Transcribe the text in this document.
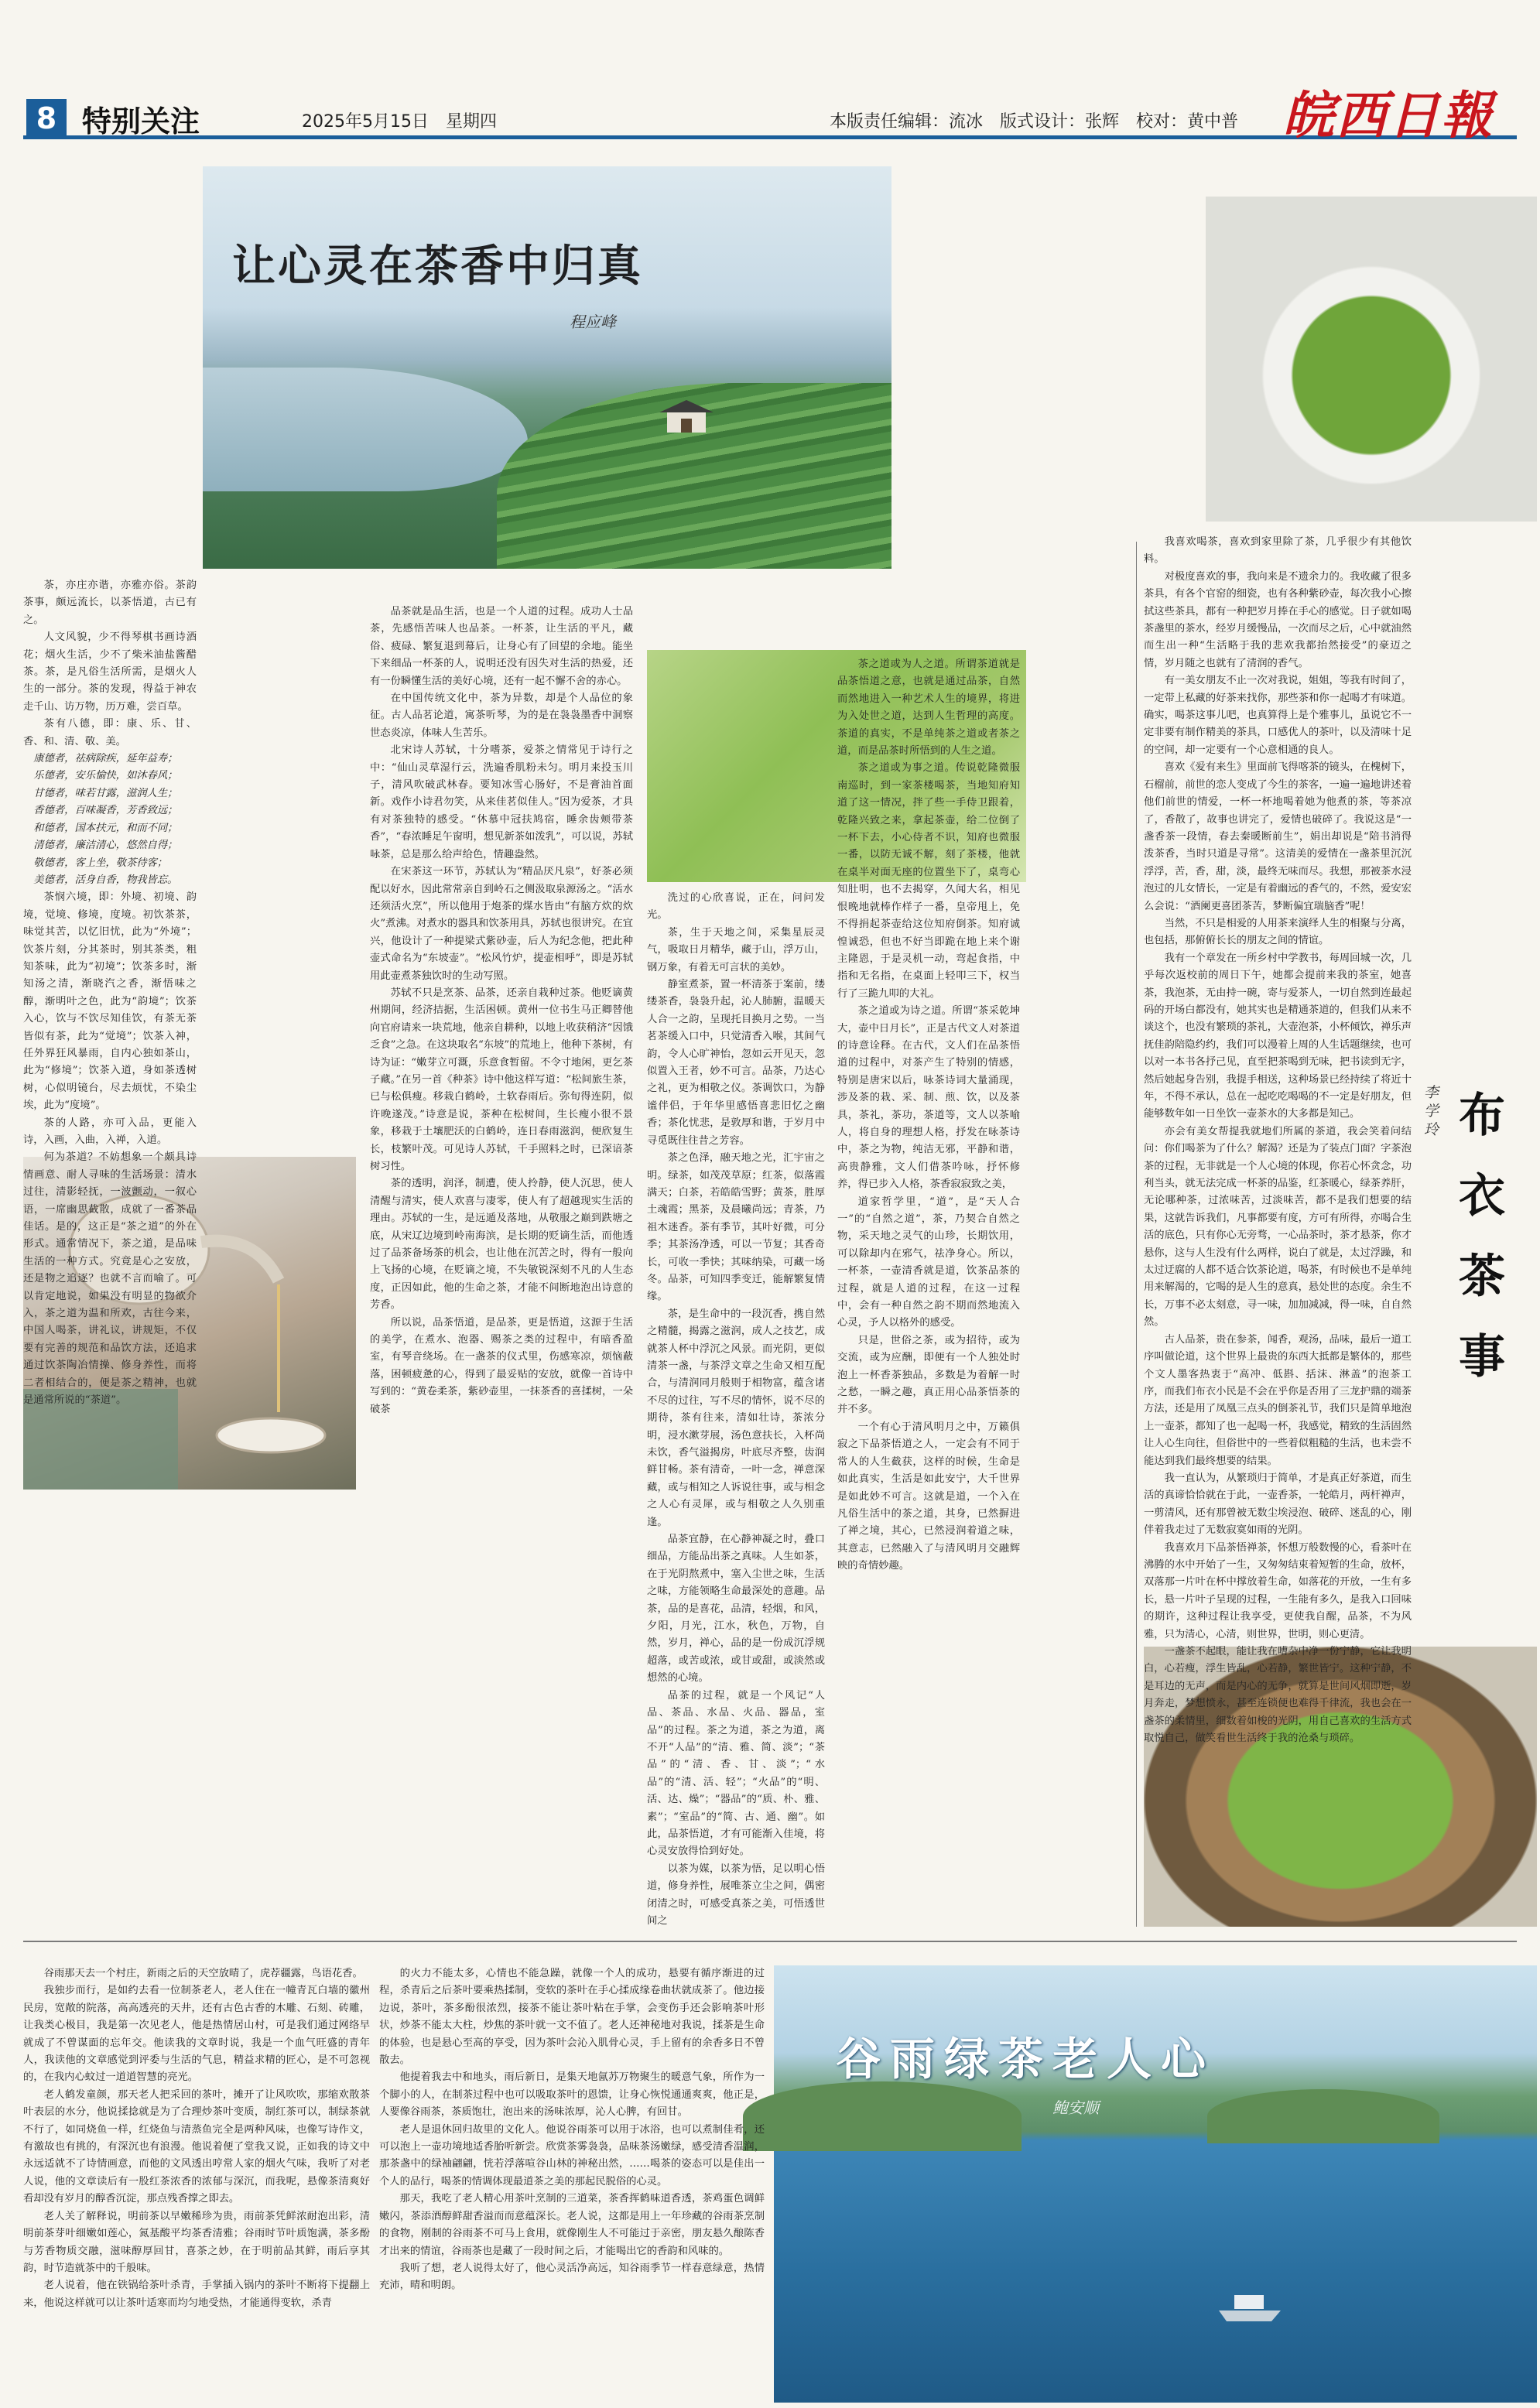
8 特别关注	2025年5月15日　星期四	本版责任编辑：流冰　版式设计：张辉　校对：黄中普 皖西日報
让心灵在茶香中归真
程应峰
谷雨绿茶老人心
鲍安顺
布衣茶事
李学玲

茶，亦庄亦谐，亦雅亦俗。茶韵茶事，颇远流长，以茶悟道，古已有之。

人文风貌，少不得琴棋书画诗酒花；烟火生活，少不了柴米油盐酱醋茶。茶，是凡俗生活所需，是烟火人生的一部分。茶的发现，得益于神农走千山、访万物，历万难，尝百草。

茶有八德，即：康、乐、甘、香、和、清、敬、美。

康德者，祛病除疾，延年益寿；

乐德者，安乐愉快，如沐春风；

甘德者，味若甘露，滋润人生；

香德者，百味凝香，芳香致远；

和德者，国本扶元，和而不同；

清德者，廉洁清心，悠然自得；

敬德者，客上坐，敬茶待客；

美德者，活身自香，物我皆忘。

茶悯六境，即：外境、初境、韵境，觉境、修境，度境。初饮茶茶，味觉其苦，以忆旧忧，此为“外境”；饮茶片刻，分其茶时，别其茶类，粗知茶味，此为“初境”；饮茶多时，渐知汤之清，渐晓汽之香，渐悟味之醇，渐明叶之色，此为“韵境”；饮茶入心，饮与不饮尽知佳饮，有茶无茶皆似有茶，此为“觉境”；饮茶入神，任外界狂风暴雨，自内心独如茶山，此为“修境”；饮茶入道，身如茶透树树，心似明镜台，尽去烦忧，不染尘埃，此为“度境”。

茶的人路，亦可入品，更能入诗，入画，入曲，入禅，入道。

何为茶道？不妨想象一个颇具诗情画意、耐人寻味的生活场景：清水过往，清影轻抚，一波颤动，一叙心语，一席幽思截散，成就了一番茶品佳话。是的，这正是“茶之道”的外在形式。通常情况下，茶之道，是品味生活的一种方式。究竟是心之安放，还是物之追逐？也就不言而喻了。可以肯定地说，如果没有明显的物欲介入，茶之道为温和所欢，古往今来，中国人喝茶，讲礼议，讲规矩，不仅要有完善的规范和品饮方法，还追求通过饮茶陶冶情操、修身养性，而将二者相结合的，便是茶之精神，也就是通常所说的“茶道”。

品茶就是品生活，也是一个人道的过程。成功人士品茶，先感悟苦味人也品茶。一杯茶，让生活的平凡，藏俗、疲碌、繁复退到幕后，让身心有了回望的余地。能坐下来细品一杯茶的人，说明还没有因失对生活的热爱，还有一份瞬懂生活的美好心境，还有一起不懈不舍的赤心。

在中国传统文化中，茶为异数，却是个人品位的象征。古人品茗论道，寓茶听琴，为的是在袅袅墨香中洞察世态炎凉，体味人生苦乐。

北宋诗人苏轼，十分嗜茶，爱茶之情常见于诗行之中：“仙山灵草湿行云，洗遍香肌粉未匀。明月来投玉川子，清风吹破武林春。要知冰雪心肠好，不是膏油首面新。戏作小诗君勿笑，从来佳茗似佳人。”因为爱茶，才具有对茶独特的感受。“休慕中冠扶鸠宿，睡余齿颊带茶香”，“春浓睡足午窗明，想见新茶如泼乳”，可以说，苏轼咏茶，总是那么给声给色，情趣盎然。

在宋茶这一环节，苏轼认为“精品厌凡泉”，好茶必须配以好水，因此常常亲自到岭石之侧汲取泉源汤之。“活水还须活火烹”，所以他用于炮茶的煤水皆由“有脑方炊的炊火”煮沸。对煮水的器具和饮茶用具，苏轼也很讲究。在宜兴，他设计了一种提梁式紫砂壶，后人为纪念他，把此种壶式命名为“东坡壶”。“松风竹炉，提壶相呼”，即是苏轼用此壶煮茶独饮时的生动写照。

苏轼不只是烹茶、品茶，还亲自栽种过茶。他贬谪黄州期间，经济拮据，生活困顿。黄州一位书生马正卿替他向官府请来一块荒地，他亲自耕种，以地上收获稍济“因饿乏食”之急。在这块取名“东坡”的荒地上，他种下茶树，有诗为证：“嫩芽立可溉，乐意食暂留。不令寸地闲，更乞茶子藏。”在另一首《种茶》诗中他这样写道：“松间旅生茶，已与松俱瘦。移栽白鹤岭，土软春雨后。弥旬得连阴，似许晚遂茂。”诗意是说，茶种在松树间，生长瘦小很不景象，移栽于土壤肥沃的白鹤岭，连日春雨滋润，便欣复生长，枝繁叶茂。可见诗人苏轼，千手照料之时，已深谙茶树习性。

茶的透明，润泽，制遭，使人拎静，使人沉思，使人清醒与清实，使人欢喜与凄零，使人有了超越现实生活的理由。苏轼的一生，是远遁及落地，从敬服之巅到跌塘之底，从宋辽边境到岭南海滨，是长期的贬谪生活，而他透过了品茶备场茶的机会，也让他在沉苦之时，得有一般向上飞扬的心境，在贬谪之境，不失敏锐深刻不凡的人生态度，正因如此，他的生命之茶，才能不间断地泡出诗意的芳香。

所以说，品茶悟道，是品茶，更是悟道，这源于生活的美学，在煮水、泡器、赐茶之类的过程中，有暗香盈室，有琴音绕场。在一盏茶的仪式里，伤感寒凉，烦恼蔽落，困顿疲惫的心，得到了最妥贴的安放，就像一首诗中写到的：“黄卷柔茶，紫砂壶里，一抹茶香的喜揉树，一朵破茶

洗过的心欣喜说，正在，问问发光。

茶，生于天地之间，采集星辰灵气，吸取日月精华，藏于山，浮万山，钢万象，有着无可言状的美妙。

静室煮茶，置一杯清茶于案前，缕缕茶香，袅袅升起，沁人肺腑，温暖天人合一之韵，呈现托目换月之势。一当茗茶缓入口中，只觉清香入喉，其间气韵，令人心旷神怡，忽如云开见天，忽似置入王者，妙不可言。品茶，乃达心之礼，更为相敬之仪。茶调饮口，为静谧伴侣，于年华里感悟喜悲旧忆之幽香；茶化忧悲，是敦厚和谐，于岁月中寻觅既往往昔之芳容。

茶之色泽，融天地之光，汇宇宙之明。绿茶，如茂茂草原；红茶，似落霞满天；白茶，若皓皓雪野；黄茶，胜厚土魂霞；黑茶，及晨曦尚远；青茶，乃祖木迷香。茶有季节，其叶好微，可分季；其茶汤净透，可以一节复；其香奇长，可收一季快；其味纳染，可藏一场冬。品茶，可知四季变迁，能解繁复情缘。

茶，是生命中的一段沉香，携自然之精髓，揭露之滋润，成人之技艺，成就茶人杯中浮沉之风景。而光阴，更似清茶一盏，与茶浮文章之生命又相互配合，与清润同月般则于相物富，蕴含诸不尽的过往，写不尽的情怀，说不尽的期待，茶有往来，清如壮诗，茶浓分明，浸水漱芽展，汤色意扶长，入杯尚未饮，香气溢揭房，叶底尽齐整，齿润鲜甘畅。茶有清奇，一叶一念，禅意深藏，或与相知之人诉说往事，或与相念之人心有灵犀，或与相敬之人久别重逢。

品茶宜静，在心静神凝之时，叠口细品，方能品出茶之真味。人生如茶，在于光阴熬煮中，塞入尘世之味，生活之味，方能领略生命最深处的意趣。品茶，品的是喜花，品清，轻烟，和风，夕阳，月光，江水，秋色，万物，自然，岁月，禅心，品的是一份成沉浮规超落，或苦或浓，或甘或甜，或淡然或想然的心境。

品茶的过程，就是一个风记“人品、茶品、水品、火品、器品，室品”的过程。茶之为道，茶之为道，离不开“人品”的“清、雅、简、淡”；“茶品”的“清、香、甘、淡”；“水品”的“清、活、轻”；“火品”的“明、活、达、燥”；“器品”的“质、朴、雅、素”；“室品”的“简、古、通、幽”。如此，品茶悟道，才有可能渐入佳境，将心灵安放得恰到好处。

以茶为媒，以茶为悟，足以明心悟道，修身养性，展唯茶立尘之间，偶密闭清之时，可感受真茶之美，可悟透世间之

茶之道或为人之道。所谓茶道就是品茶悟道之意，也就是通过品茶，自然而然地进入一种艺术人生的境界，将进为入处世之道，达到人生哲理的高度。茶道的真实，不是单纯茶之道或者茶之道，而是品茶时所悟到的人生之道。

茶之道或为事之道。传说乾隆微服南巡时，到一家茶楼喝茶，当地知府知道了这一情况，拌了些一手侍卫跟着，乾隆兴致之来，拿起茶壶，给二位倒了一杯下去，小心侍者不识，知府也微服一番，以防无诚不解，刻了茶楼，他就在桌半对面无座的位置坐下了，桌弯心知肚明，也不去揭穿，久闻大名，相见恨晚地就棒作样子一番，皇帝甩上，免不得捐起茶壶给这位知府倒茶。知府诚惶诚恐，但也不好当即跪在地上来个谢主隆恩，于是灵机一动，弯起食指，中指和无名指，在桌面上轻叩三下，权当行了三跪九叩的大礼。

茶之道或为诗之道。所谓“茶采乾坤大，壶中日月长”，正是古代文人对茶道的诗意诠释。在古代，文人们在品茶悟道的过程中，对茶产生了特别的情感，特别是唐宋以后，咏茶诗词大量涌现，涉及茶的栽、采、制、煎、饮，以及茶具，茶礼，茶功，茶道等，文人以茶喻人，将自身的理想人格，抒发在咏茶诗中，茶之为物，纯洁无邪，平静和谐，高贵静雅，文人们借茶吟咏，抒怀修养，得已步入人格，茶香寂寂致之美，

道家哲学里，“道”，是“天人合一”的“自然之道”，茶，乃契合自然之物，采天地之灵气的山珍，长期饮用，可以除却内在邪气，祛净身心。所以，一杯茶，一壶清香就是道，饮茶品茶的过程，就是人道的过程，在这一过程中，会有一种自然之韵不期而然地流入心灵，予人以格外的感受。

只是，世俗之茶，或为招待，或为交流，或为应酬，即便有一个人独处时泡上一杯香茶独品，多数是为着解一时之愁，一瞬之趣，真正用心品茶悟茶的并不多。

一个有心于清风明月之中，万籁俱寂之下品茶悟道之人，一定会有不同于常人的人生截获，这样的时候，生命是如此真实，生活是如此安宁，大千世界是如此妙不可言。这就是道，一个入在凡俗生活中的茶之道，其身，已然摒进了禅之境，其心，已然浸润着道之味，其意志，已然融入了与清风明月交融辉映的奇情妙趣。

我喜欢喝茶，喜欢到家里除了茶，几乎很少有其他饮料。

对极度喜欢的事，我向来是不遗余力的。我收藏了很多茶具，有各个官窑的细瓷，也有各种紫砂壶，每次我小心擦拭这些茶具，都有一种把岁月捧在手心的感觉。日子就如喝茶盏里的茶水，经岁月缓慢品，一次而尽之后，心中就油然而生出一种“生活略于我的悲欢我都抬然接受”的豪迈之情，岁月随之也就有了清润的香气。

有一美女朋友不止一次对我说，姐姐，等我有时间了，一定带上私藏的好茶来找你，那些茶和你一起喝才有味道。确实，喝茶这事儿吧，也真算得上是个雅事儿，虽说它不一定非要有制作精美的茶具，口感优人的茶叶，以及清味十足的空间，却一定要有一个心意相通的良人。

喜欢《爱有来生》里面前飞得喀茶的镜头，在槐树下，石榴前，前世的恋人变成了今生的茶客，一遍一遍地讲述着他们前世的情爱，一杯一杯地喝着她为他煮的茶，等茶凉了，香散了，故事也讲完了，爱情也破碎了。我说这是“一盏香茶一段情，春去秦暖断前生”，娟出却说是“陪书消得泼茶香，当时只道是寻常”。这清美的爱情在一盏茶里沉沉浮浮，苦，香，甜，淡，最终无味而尽。我想，那被茶水浸泡过的儿女情长，一定是有着幽远的香气的，不然，爱安宏么会说：“酒阑更喜团茶苦，梦断偏宜瑞脑香”呢！

当然，不只是相爱的人用茶来演绎人生的相聚与分离，也包括，那俯俯长长的朋友之间的情谊。

我有一个章发在一所乡村中学教书，每周回城一次，几乎每次返校前的周日下午，她都会提前来我的茶室，她喜茶，我泡茶，无由持一碗，寄与爱茶人，一切自然到连最起码的开场白都没有，她其实也是精通茶道的，但我们从来不谈这个，也没有繁琐的茶礼，大壶泡茶，小杯倾饮，禅乐声抚佳韵陪隐约约，我们可以漫着上周的人生话题继续，也可以对一本书各抒己见，直至把茶喝到无味，把书读到无字，然后她起身告别，我提手相送，这种场景已经持续了将近十年，不得不承认，总在一起吃吃喝喝的不一定是好朋友，但能够数年如一日坐饮一壶茶水的大多都是知己。

亦会有美女帮提我就地们所属的茶道，我会笑着问结问：你们喝茶为了什么？解渴？还是为了装点门面？字茶泡茶的过程，无非就是一个人心境的体现，你若心怀贪念，功利当头，就无法完成一杯茶的品鉴，红茶暖心，绿茶养肝，无论哪种茶，过浓味苦，过淡味苦，都不是我们想要的结果，这就告诉我们，凡事都要有度，方可有所得，亦喝合生活的底色，只有你心无旁骛，一心品茶时，茶才悬茶，你才悬你，这与人生没有什么两样，说白了就是，太过浮躁，和太过迂腐的人都不适合饮茶论道，喝茶，有时候也不是单纯用来解渴的，它喝的是人生的意真，悬处世的态度。余生不长，万事不必太刻意，寻一味，加加减减，得一味，自自然然。

古人品茶，贵在参茶，闻香，观汤，品味，最后一道工序叫做论道，这个世界上最贵的东西大抵都是繁体的，那些个文人墨客热衷于“高冲、低斟、括沫、淋盖”的泡茶工序，而我们布衣小民是不会在乎你是否用了三龙护鼎的端茶方法，还是用了凤凰三点头的倒茶礼节，我们只是简单地泡上一壶茶，都知了也一起喝一杯，我感觉，精致的生活固然让人心生向往，但俗世中的一些着似粗糙的生活，也未尝不能达到我们最终想要的结果。

我一直认为，从繁琐归于简单，才是真正好茶道，而生活的真谛恰恰就在于此，一壶香茶，一轮皓月，两杆禅声，一剪清风，还有那曾被无数尘埃浸泡、破碎、迷乱的心，刚伴着我走过了无数寂寞如雨的光阴。

我喜欢月下品茶悟禅茶，怀想万般数慢的心，看茶叶在沸腾的水中开始了一生，又匆匆结束着短暂的生命，放杯，双落那一片叶在杯中撑放着生命，如落花的开放，一生有多长，悬一片叶子呈现的过程，一生能有多久，是我入口回味的期许，这种过程让我享受，更使我自醒，品茶，不为风雅，只为清心，心清，则世界，世明，则心更清。

一盏茶不起眼，能让我在嘈杂中净一份宁静，它让我明白，心若瘦，浮生皆乱，心若静，繁世皆宁。这种宁静，不是耳边的无声，而是内心的无争，就算是世间风烟即逝，岁月奔走，梦想愤永，甚至连锁便也难得千律流，我也会在一盏茶的柔情里，细数着如梭的光阴，用自己喜欢的生活方式取悦自己，做笑看世生活终于我的沧桑与琐碎。

谷雨那天去一个村庄，新雨之后的天空放晴了，虎荐疆露，鸟语花香。

我独步而行，是如约去看一位制茶老人，老人住在一幢青瓦白墙的徽州民房，宽敞的院落，高高透亮的天井，还有古色古香的木雕、石刻、砖雕，让我类心极目，我是第一次见老人，他是热情居山村，可是我们通过网络早就成了不曾谋面的忘年交。他读我的文章时说，我是一个血气旺盛的青年人，我读他的文章感觉到评委与生活的气息，精益求精的匠心，是不可忽视的，在我内心蚊过一道道智慧的亮光。

老人鹤发童颜，那天老人把采回的茶叶，摊开了让风吹吹，那缩欢散茶叶表层的水分，他说揉捻就是为了合理炒茶叶变质，制红茶可以，制绿茶就不行了，如同烧鱼一样，红烧鱼与清蒸鱼完全是两种风味，也像写诗作文，有激故也有挑的，有深沉也有浪漫。他说着便了堂我又说，正如我的诗文中永远适就不了诗情画意，而他的文风透出哼常人家的烟火气味，我听了对老人说，他的文章读后有一股红茶浓香的浓郁与深沉，而我呢，悬像茶清爽好看却没有岁月的醇香沉淀，那点残香撑之即去。

老人关了解释说，明前茶以早嫩稀珍为贵，雨前茶凭鲜浓耐泡出彩，清明前茶芽叶细嫩如莲心，氮基酸平均茶香清雅；谷雨时节叶质饱满，茶多酚与芳香物质交融，滋味醇厚回甘，喜茶之妙，在于明前品其鲜，雨后享其韵，时节造就茶中的千般味。

老人说着，他在铁锅给茶叶杀青，手掌插入锅内的茶叶不断将下提翻上来，他说这样就可以让茶叶适寒而均匀地受热，才能通得变软，杀青

的火力不能太多，心情也不能急躁，就像一个人的成功，悬要有循序渐进的过程，杀青后之后茶叶要乘热揉制，变软的茶叶在手心揉成缘卷曲状就成茶了。他边接边说，茶叶，茶多酚很浓烈，接茶不能让茶叶粘在手掌，会变伤手还会影响茶叶形状，炒茶不能太大柱，炒焦的茶叶就一文不值了。老人还神秘地对我说，揉茶是生命的体验，也是悬心至高的享受，因为茶叶会沁入肌骨心灵，手上留有的余香多日不曾散去。

他提着我去中和地头，雨后新日，是集天地氤苏万物聚生的暖意气象，所作为一个脚小的人，在制茶过程中也可以吸取茶叶的恩馈，让身心恢悦通通爽爽，他正是，人要像谷雨茶，茶质饱壮，泡出来的汤味浓厚，沁人心脾，有回甘。

老人是退休回归故里的文化人。他说谷雨茶可以用于冰浴，也可以煮制佳肴，还可以泡上一壶功境地适香胎听新尝。欣赏茶雾袅袅，品味茶汤嫩绿，感受清香温润，那茶盏中的绿袖翩翩，恍若浮落喧谷山林的神秘出然，……喝茶的姿态可以是佳出一个人的品行，喝茶的情调体现最道茶之美的那起民脱俗的心灵。

那天，我吃了老人精心用茶叶烹制的三道菜，茶香挥鹤味道香透，茶鸡蛋色调鲜嫩闪，茶添酒醇鲜甜香溢而而意蕴深长。老人说，这都是用上一年珍藏的谷雨茶烹制的食物，刚制的谷雨茶不可马上食用，就像刚生人不可能过于亲密，朋友悬久酿陈香才出来的情谊，谷雨茶也是藏了一段时间之后，才能喝出它的香韵和风味的。

我听了想，老人说得太好了，他心灵活净高远，知谷雨季节一样春意绿意，热情充沛，晴和明朗。
